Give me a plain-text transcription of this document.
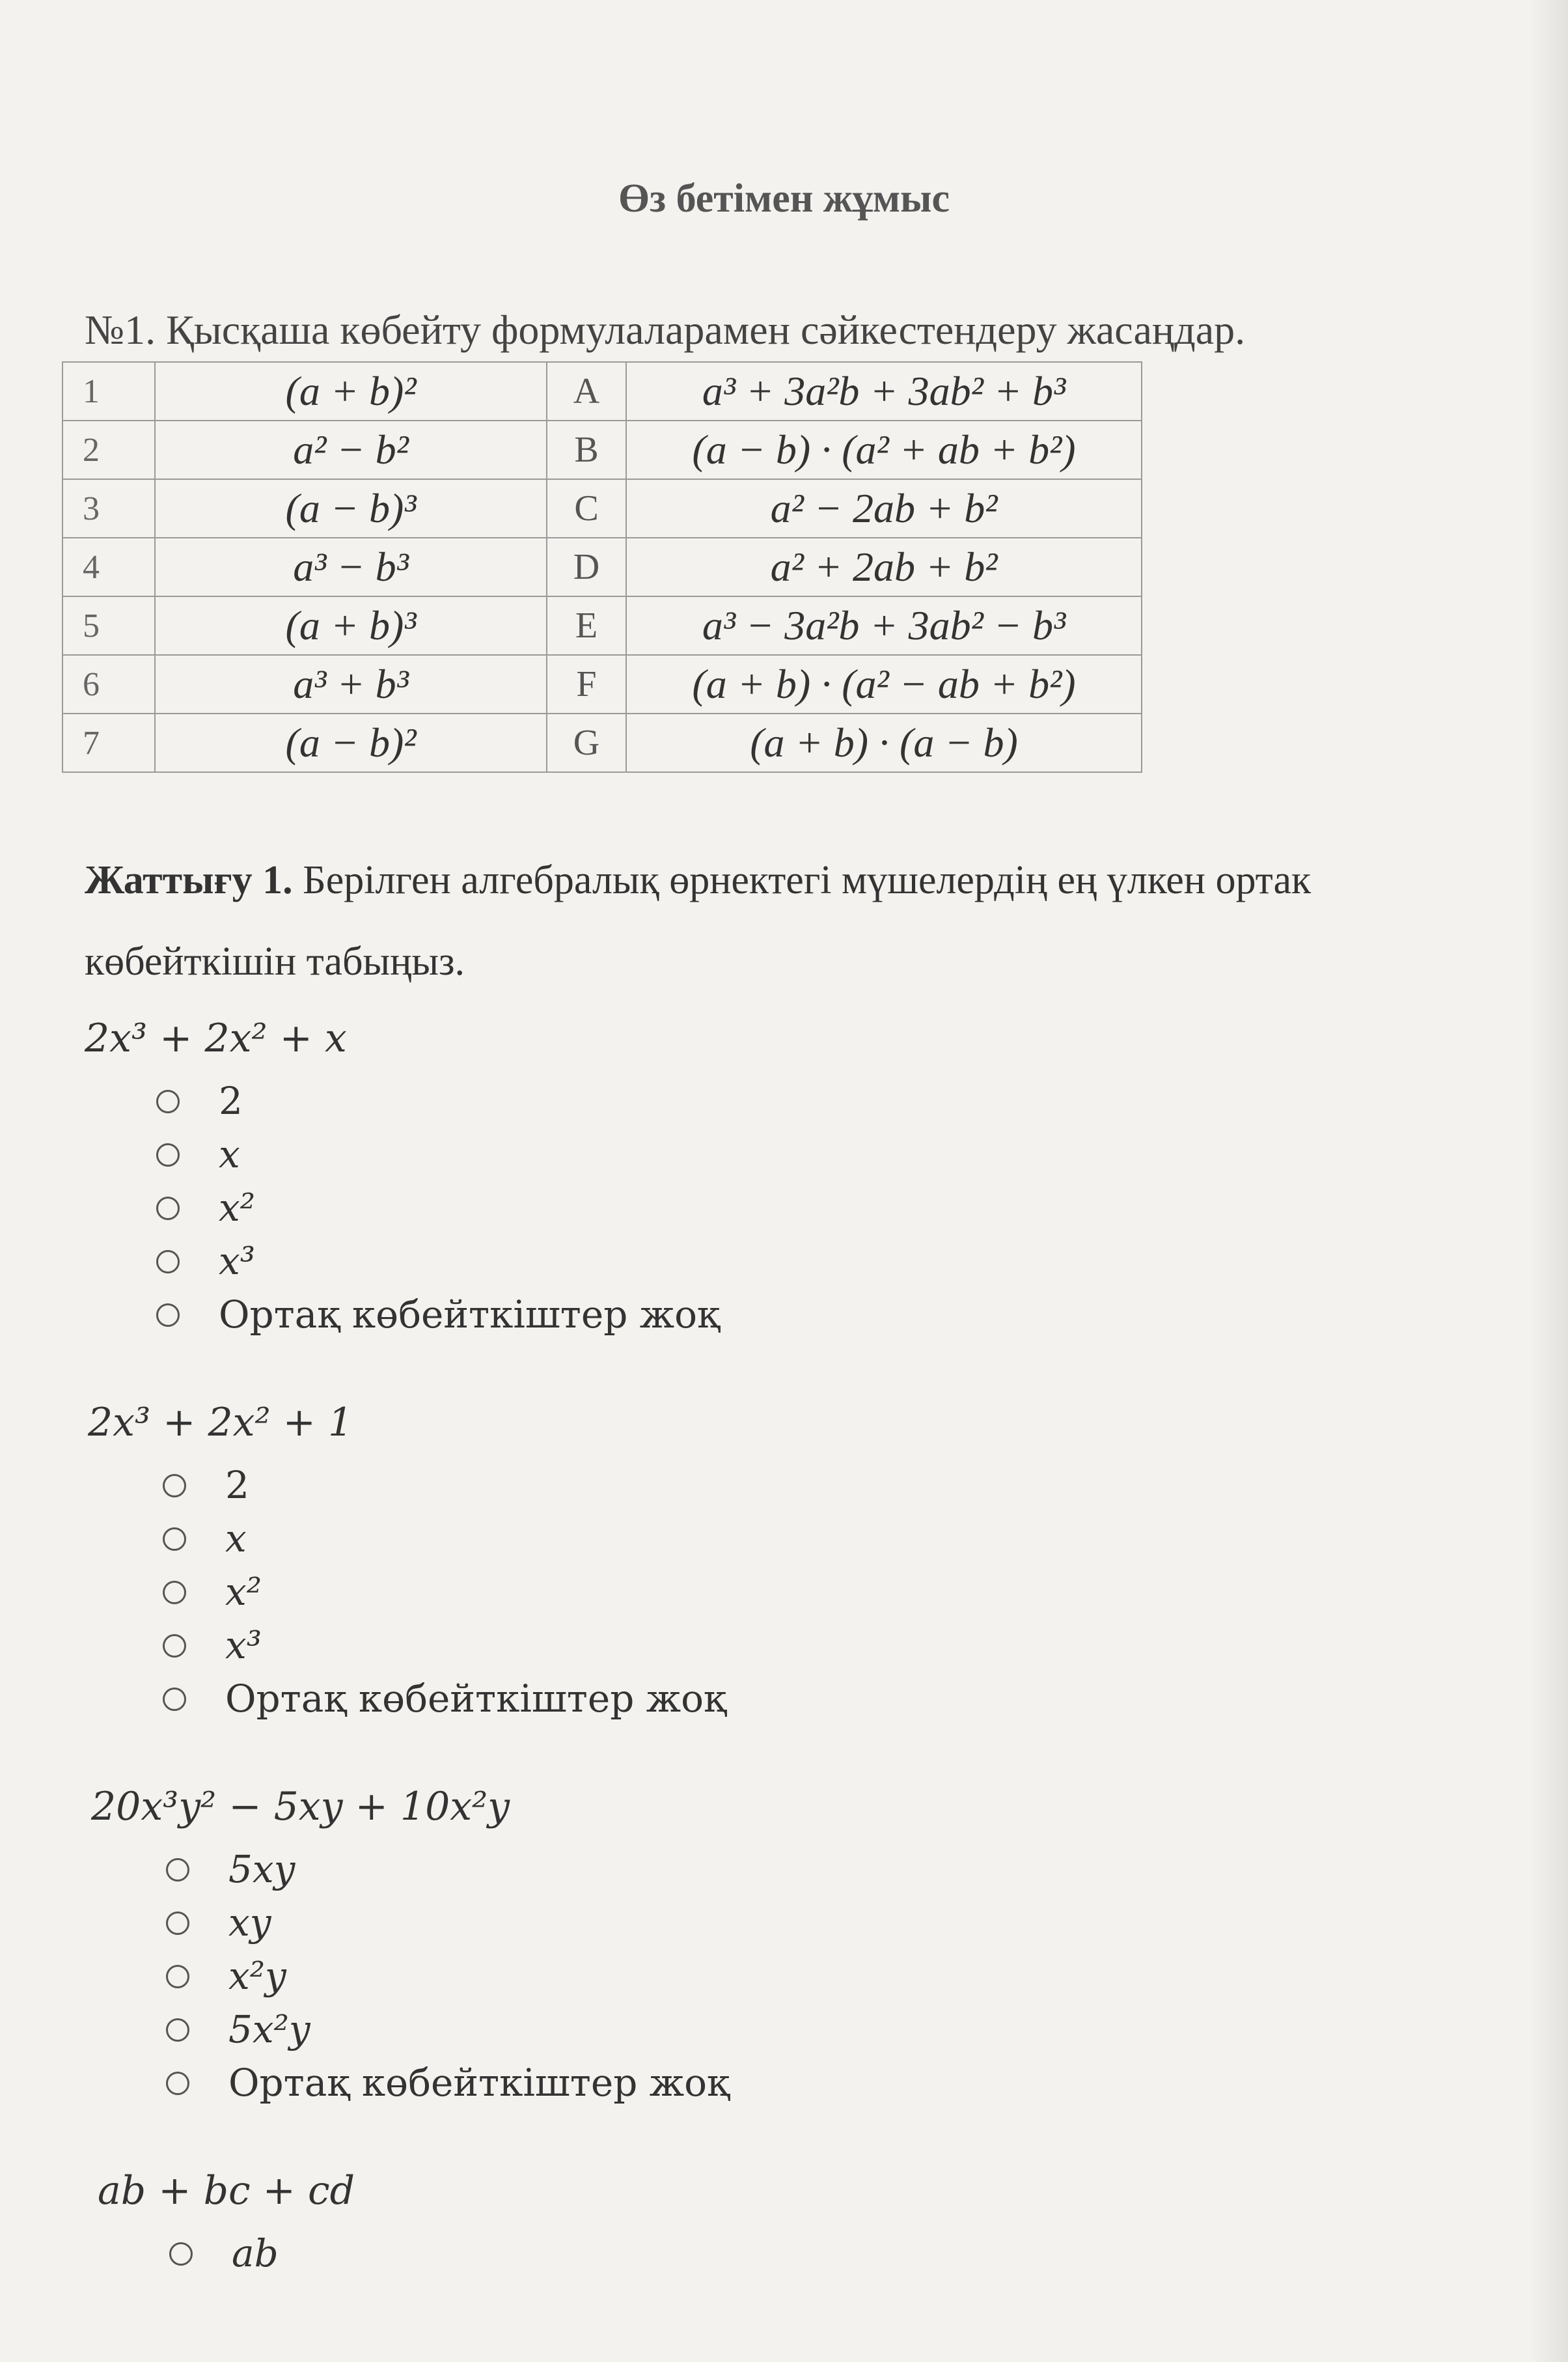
Өз бетімен жұмыс
№1. Қысқаша көбейту формулаларамен сәйкестендеру жасаңдар.
1	(a + b)²	A	a³ + 3a²b + 3ab² + b³
2	a² − b²	B	(a − b) · (a² + ab + b²)
3	(a − b)³	C	a² − 2ab + b²
4	a³ − b³	D	a² + 2ab + b²
5	(a + b)³	E	a³ − 3a²b + 3ab² − b³
6	a³ + b³	F	(a + b) · (a² − ab + b²)
7	(a − b)²	G	(a + b) · (a − b)
Жаттығу 1. Берілген алгебралық өрнектегі мүшелердің ең үлкен ортак көбейткішін табыңыз.
2x³ + 2x² + x
2
x
x²
x³
Ортақ көбейткіштер жоқ
2x³ + 2x² + 1
2
x
x²
x³
Ортақ көбейткіштер жоқ
20x³y² − 5xy + 10x²y
5xy
xy
x²y
5x²y
Ортақ көбейткіштер жоқ
ab + bc + cd
ab
